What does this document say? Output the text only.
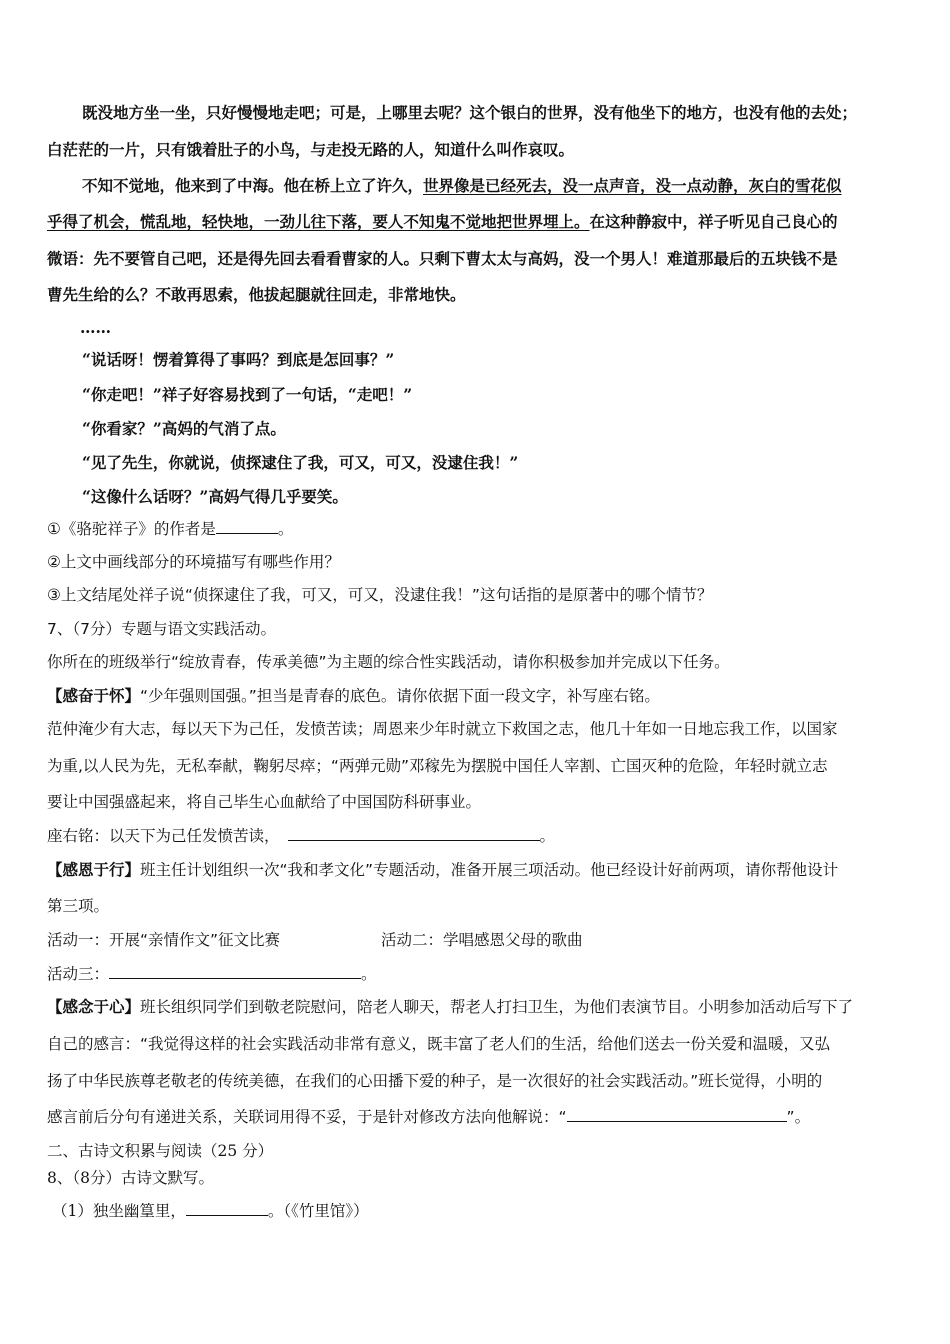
既没地方坐一坐，只好慢慢地走吧；可是，上哪里去呢？这个银白的世界，没有他坐下的地方，也没有他的去处；
白茫茫的一片，只有饿着肚子的小鸟，与走投无路的人，知道什么叫作哀叹。
不知不觉地，他来到了中海。他在桥上立了许久，世界像是已经死去，没一点声音，没一点动静，灰白的雪花似
乎得了机会，慌乱地，轻快地，一劲儿往下落，要人不知鬼不觉地把世界埋上。在这种静寂中，祥子听见自己良心的
微语：先不要管自己吧，还是得先回去看看曹家的人。只剩下曹太太与高妈，没一个男人！难道那最后的五块钱不是
曹先生给的么？不敢再思索，他拔起腿就往回走，非常地快。
……
“说话呀！愣着算得了事吗？到底是怎回事？”
“你走吧！”祥子好容易找到了一句话，“走吧！”
“你看家？”高妈的气消了点。
“见了先生，你就说，侦探逮住了我，可又，可又，没逮住我！”
“这像什么话呀？”高妈气得几乎要笑。
①《骆驼祥子》的作者是	。
②上文中画线部分的环境描写有哪些作用？
③上文结尾处祥子说“侦探逮住了我，可又，可又，没逮住我！”这句话指的是原著中的哪个情节？
7、（7分）专题与语文实践活动。
你所在的班级举行“绽放青春，传承美德”为主题的综合性实践活动，请你积极参加并完成以下任务。
【感奋于怀】“少年强则国强。”担当是青春的底色。请你依据下面一段文字，补写座右铭。
范仲淹少有大志，每以天下为己任，发愤苦读；周恩来少年时就立下救国之志，他几十年如一日地忘我工作，以国家
为重,以人民为先，无私奉献，鞠躬尽瘁；“两弹元勋”邓稼先为摆脱中国任人宰割、亡国灭种的危险，年轻时就立志
要让中国强盛起来，将自己毕生心血献给了中国国防科研事业。
座右铭：以天下为己任发愤苦读，	。
【感恩于行】班主任计划组织一次“我和孝文化”专题活动，准备开展三项活动。他已经设计好前两项，请你帮他设计
第三项。
活动一：开展“亲情作文”征文比赛	活动二：学唱感恩父母的歌曲
活动三：	。
【感念于心】班长组织同学们到敬老院慰问，陪老人聊天，帮老人打扫卫生，为他们表演节目。小明参加活动后写下了
自己的感言：“我觉得这样的社会实践活动非常有意义，既丰富了老人们的生活，给他们送去一份关爱和温暖，又弘
扬了中华民族尊老敬老的传统美德，在我们的心田播下爱的种子，是一次很好的社会实践活动。”班长觉得，小明的
感言前后分句有递进关系，关联词用得不妥，于是针对修改方法向他解说：“	”。
二、古诗文积累与阅读（25 分）
8、（8分）古诗文默写。
（1）独坐幽篁里，	。（《竹里馆》）
